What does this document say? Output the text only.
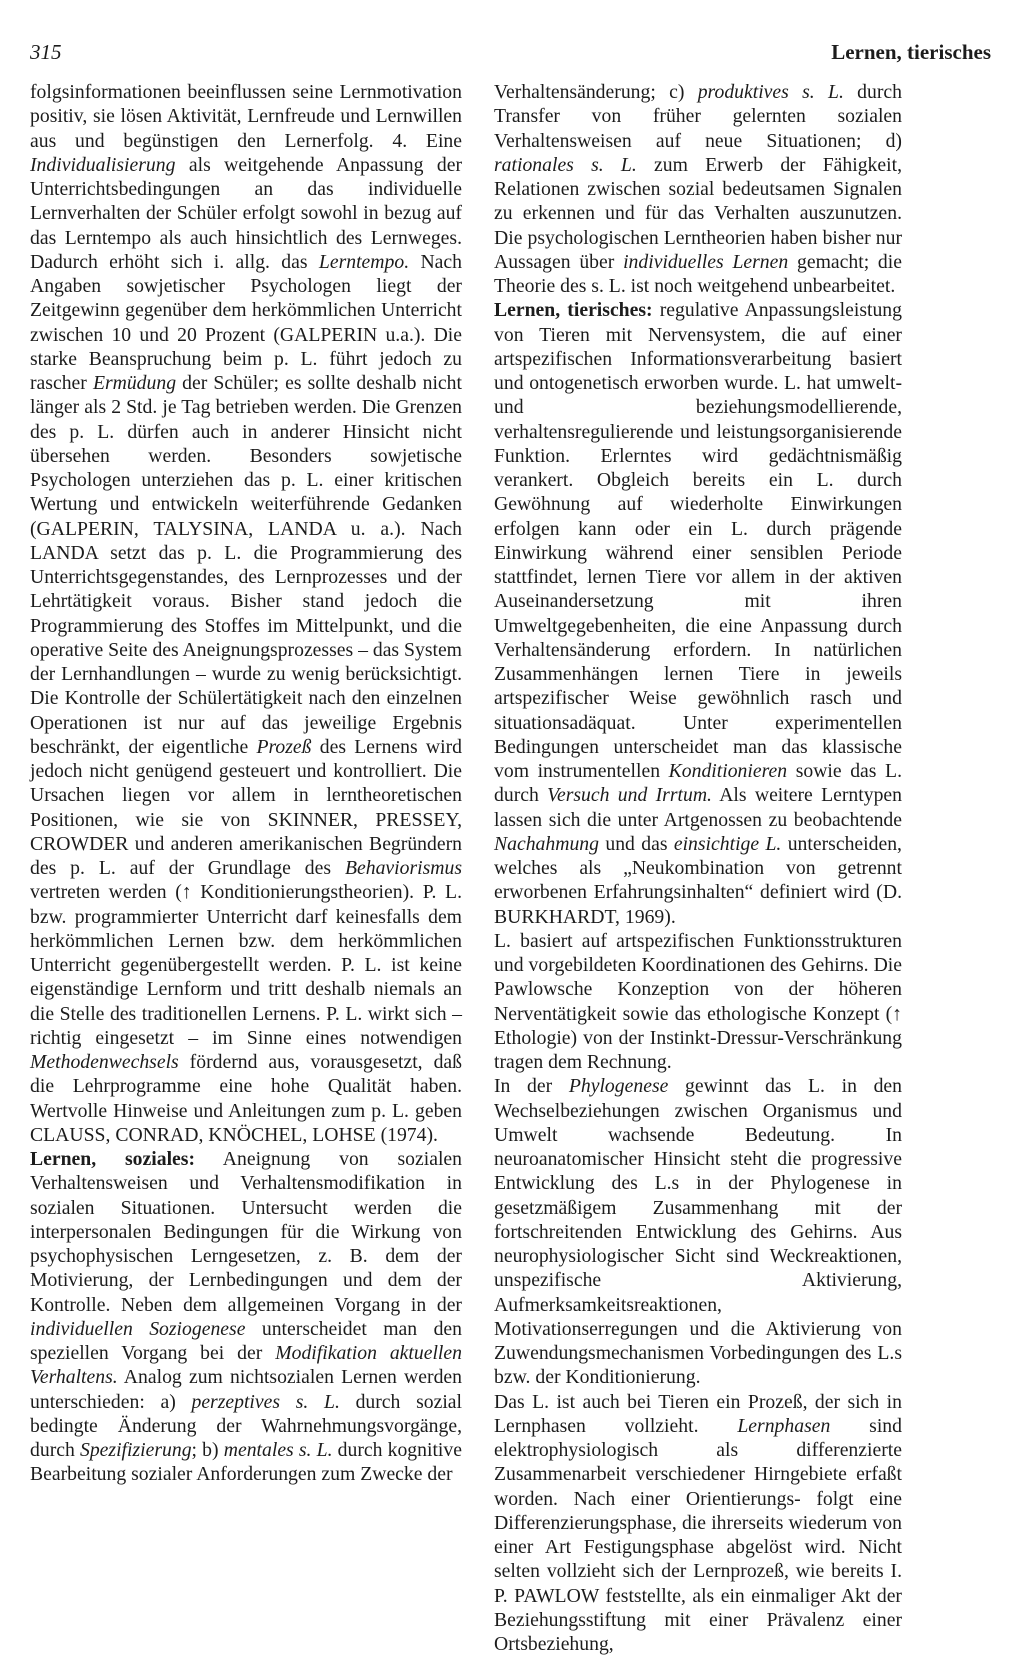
315	Lernen, tierisches

folgsinformationen beeinflussen seine Lernmotivation positiv, sie lösen Aktivität, Lernfreude und Lernwillen aus und begünstigen den Lernerfolg. 4. Eine Individualisierung als weitgehende Anpassung der Unterrichtsbedingungen an das individuelle Lernverhalten der Schüler erfolgt sowohl in bezug auf das Lerntempo als auch hinsichtlich des Lernweges. Dadurch erhöht sich i. allg. das Lerntempo. Nach Angaben sowjetischer Psychologen liegt der Zeitgewinn gegenüber dem herkömmlichen Unterricht zwischen 10 und 20 Prozent (GALPERIN u.a.). Die starke Beanspruchung beim p. L. führt jedoch zu rascher Ermüdung der Schüler; es sollte deshalb nicht länger als 2 Std. je Tag betrieben werden. Die Grenzen des p. L. dürfen auch in anderer Hinsicht nicht übersehen werden. Besonders sowjetische Psychologen unterziehen das p. L. einer kritischen Wertung und entwickeln weiterführende Gedanken (GALPERIN, TALYSINA, LANDA u. a.). Nach LANDA setzt das p. L. die Programmierung des Unterrichtsgegenstandes, des Lernprozesses und der Lehrtätigkeit voraus. Bisher stand jedoch die Programmierung des Stoffes im Mittelpunkt, und die operative Seite des Aneignungsprozesses – das System der Lernhandlungen – wurde zu wenig berücksichtigt. Die Kontrolle der Schülertätigkeit nach den einzelnen Operationen ist nur auf das jeweilige Ergebnis beschränkt, der eigentliche Prozeß des Lernens wird jedoch nicht genügend gesteuert und kontrolliert. Die Ursachen liegen vor allem in lerntheoretischen Positionen, wie sie von SKINNER, PRESSEY, CROWDER und anderen amerikanischen Begründern des p. L. auf der Grundlage des Behaviorismus vertreten werden (↑ Konditionierungstheorien). P. L. bzw. programmierter Unterricht darf keinesfalls dem herkömmlichen Lernen bzw. dem herkömmlichen Unterricht gegenübergestellt werden. P. L. ist keine eigenständige Lernform und tritt deshalb niemals an die Stelle des traditionellen Lernens. P. L. wirkt sich – richtig eingesetzt – im Sinne eines notwendigen Methodenwechsels fördernd aus, vorausgesetzt, daß die Lehrprogramme eine hohe Qualität haben. Wertvolle Hinweise und Anleitungen zum p. L. geben CLAUSS, CONRAD, KNÖCHEL, LOHSE (1974).

Lernen, soziales: Aneignung von sozialen Verhaltensweisen und Verhaltensmodifikation in sozialen Situationen. Untersucht werden die interpersonalen Bedingungen für die Wirkung von psychophysischen Lerngesetzen, z. B. dem der Motivierung, der Lernbedingungen und dem der Kontrolle. Neben dem allgemeinen Vorgang in der individuellen Soziogenese unterscheidet man den speziellen Vorgang bei der Modifikation aktuellen Verhaltens. Analog zum nichtsozialen Lernen werden unterschieden: a) perzeptives s. L. durch sozial bedingte Änderung der Wahrnehmungsvorgänge, durch Spezifizierung; b) mentales s. L. durch kognitive Bearbeitung sozialer Anforderungen zum Zwecke der

Verhaltensänderung; c) produktives s. L. durch Transfer von früher gelernten sozialen Verhaltensweisen auf neue Situationen; d) rationales s. L. zum Erwerb der Fähigkeit, Relationen zwischen sozial bedeutsamen Signalen zu erkennen und für das Verhalten auszunutzen. Die psychologischen Lerntheorien haben bisher nur Aussagen über individuelles Lernen gemacht; die Theorie des s. L. ist noch weitgehend unbearbeitet.

Lernen, tierisches: regulative Anpassungsleistung von Tieren mit Nervensystem, die auf einer artspezifischen Informationsverarbeitung basiert und ontogenetisch erworben wurde. L. hat umwelt- und beziehungsmodellierende, verhaltensregulierende und leistungsorganisierende Funktion. Erlerntes wird gedächtnismäßig verankert. Obgleich bereits ein L. durch Gewöhnung auf wiederholte Einwirkungen erfolgen kann oder ein L. durch prägende Einwirkung während einer sensiblen Periode stattfindet, lernen Tiere vor allem in der aktiven Auseinandersetzung mit ihren Umweltgegebenheiten, die eine Anpassung durch Verhaltensänderung erfordern. In natürlichen Zusammenhängen lernen Tiere in jeweils artspezifischer Weise gewöhnlich rasch und situationsadäquat. Unter experimentellen Bedingungen unterscheidet man das klassische vom instrumentellen Konditionieren sowie das L. durch Versuch und Irrtum. Als weitere Lerntypen lassen sich die unter Artgenossen zu beobachtende Nachahmung und das einsichtige L. unterscheiden, welches als „Neukombination von getrennt erworbenen Erfahrungsinhalten“ definiert wird (D. BURKHARDT, 1969).

L. basiert auf artspezifischen Funktionsstrukturen und vorgebildeten Koordinationen des Gehirns. Die Pawlowsche Konzeption von der höheren Nerventätigkeit sowie das ethologische Konzept (↑ Ethologie) von der Instinkt-Dressur-Verschränkung tragen dem Rechnung.

In der Phylogenese gewinnt das L. in den Wechselbeziehungen zwischen Organismus und Umwelt wachsende Bedeutung. In neuroanatomischer Hinsicht steht die progressive Entwicklung des L.s in der Phylogenese in gesetzmäßigem Zusammenhang mit der fortschreitenden Entwicklung des Gehirns. Aus neurophysiologischer Sicht sind Weckreaktionen, unspezifische Aktivierung, Aufmerksamkeitsreaktionen, Motivationserregungen und die Aktivierung von Zuwendungsmechanismen Vorbedingungen des L.s bzw. der Konditionierung.

Das L. ist auch bei Tieren ein Prozeß, der sich in Lernphasen vollzieht. Lernphasen sind elektrophysiologisch als differenzierte Zusammenarbeit verschiedener Hirngebiete erfaßt worden. Nach einer Orientierungs- folgt eine Differenzierungsphase, die ihrerseits wiederum von einer Art Festigungsphase abgelöst wird. Nicht selten vollzieht sich der Lernprozeß, wie bereits I. P. PAWLOW feststellte, als ein einmaliger Akt der Beziehungsstiftung mit einer Prävalenz einer Ortsbeziehung,
